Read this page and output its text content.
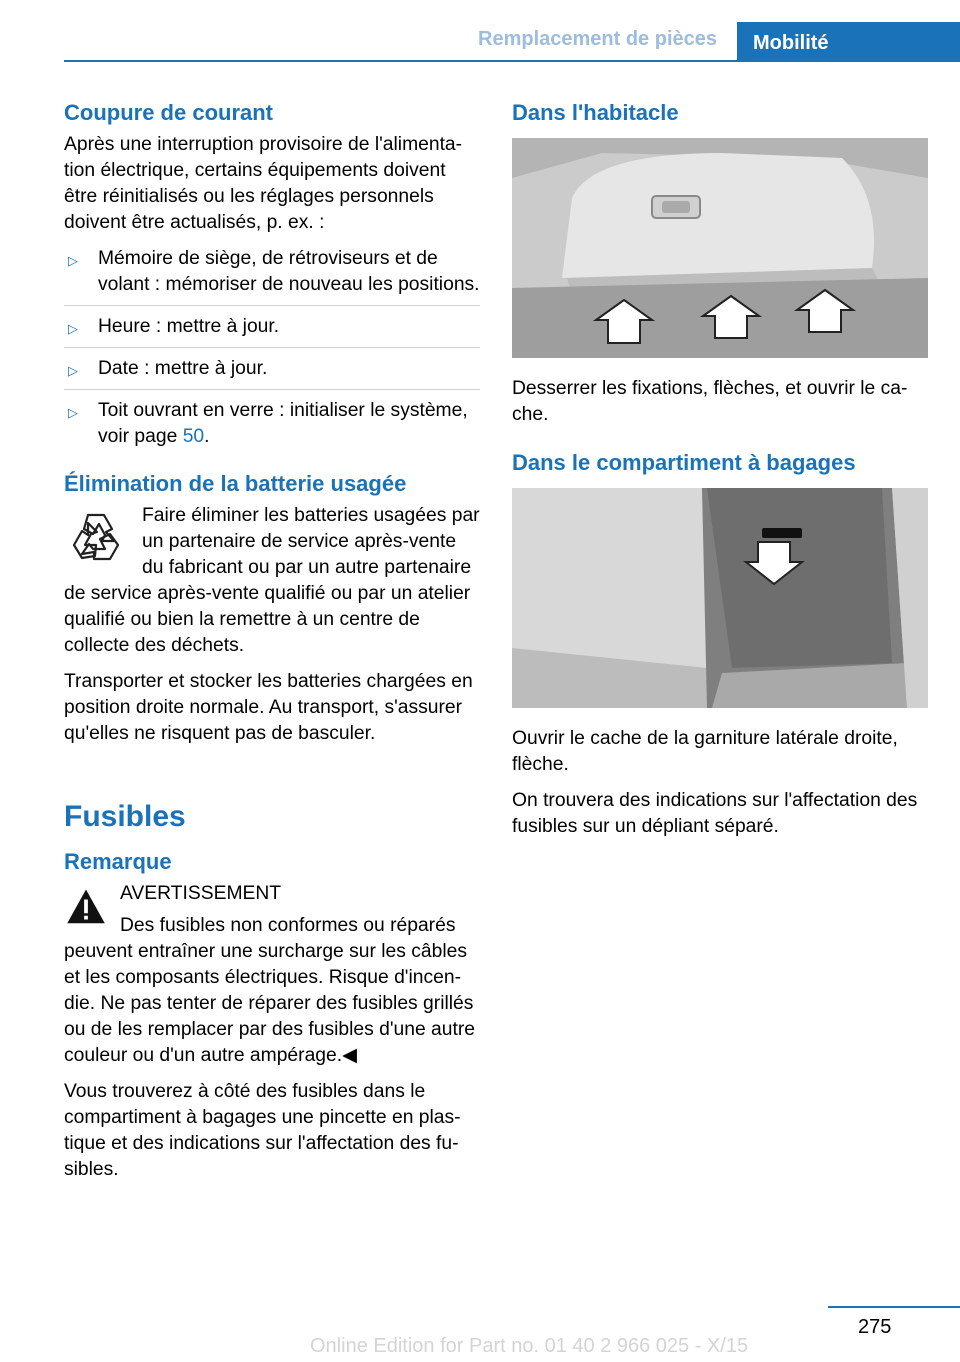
Remplacement de pièces	Mobilité
Coupure de courant

Après une interruption provisoire de l'alimentation électrique, certains équipements doivent être réinitialisés ou les réglages personnels doivent être actualisés, p. ex. :

▷ Mémoire de siège, de rétroviseurs et de volant : mémoriser de nouveau les positions.
▷ Heure : mettre à jour.
▷ Date : mettre à jour.
▷ Toit ouvrant en verre : initialiser le système, voir page 50.
Élimination de la batterie usagée

Faire éliminer les batteries usagées par un partenaire de service après-vente du fabricant ou par un autre partenaire de service après-vente qualifié ou par un atelier qualifié ou bien la remettre à un centre de collecte des déchets.

Transporter et stocker les batteries chargées en position droite normale. Au transport, s'assurer qu'elles ne risquent pas de basculer.

Fusibles
Remarque

AVERTISSEMENT

Des fusibles non conformes ou réparés peuvent entraîner une surcharge sur les câbles et les composants électriques. Risque d'incendie. Ne pas tenter de réparer des fusibles grillés ou de les remplacer par des fusibles d'une autre couleur ou d'un autre ampérage.◀

Vous trouverez à côté des fusibles dans le compartiment à bagages une pincette en plastique et des indications sur l'affectation des fusibles.

Dans l'habitacle

Desserrer les fixations, flèches, et ouvrir le cache.

Dans le compartiment à bagages

Ouvrir le cache de la garniture latérale droite, flèche.

On trouvera des indications sur l'affectation des fusibles sur un dépliant séparé.

275
Online Edition for Part no. 01 40 2 966 025 - X/15
